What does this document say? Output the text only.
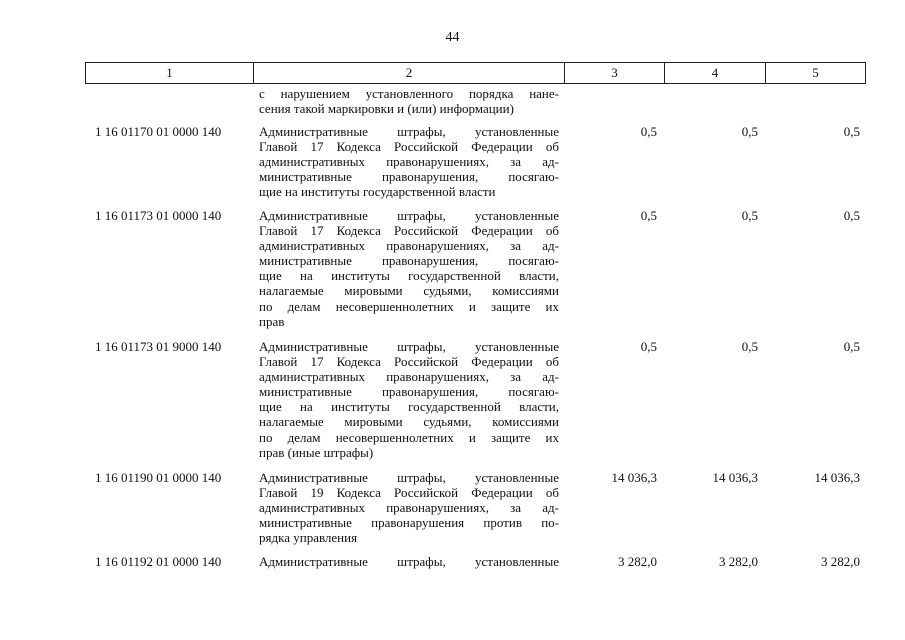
44
1	2	3	4	5
с нарушением установленного порядка нане-
сения такой маркировки и (или) информации)
1 16 01170 01 0000 140	Административные штрафы, установленные
Главой 17 Кодекса Российской Федерации об
административных правонарушениях, за ад-
министративные правонарушения, посягаю-
щие на институты государственной власти
0,5	0,5	0,5
1 16 01173 01 0000 140	Административные штрафы, установленные
Главой 17 Кодекса Российской Федерации об
административных правонарушениях, за ад-
министративные правонарушения, посягаю-
щие на институты государственной власти,
налагаемые мировыми судьями, комиссиями
по делам несовершеннолетних и защите их
прав
0,5	0,5	0,5
1 16 01173 01 9000 140	Административные штрафы, установленные
Главой 17 Кодекса Российской Федерации об
административных правонарушениях, за ад-
министративные правонарушения, посягаю-
щие на институты государственной власти,
налагаемые мировыми судьями, комиссиями
по делам несовершеннолетних и защите их
прав (иные штрафы)
0,5	0,5	0,5
1 16 01190 01 0000 140	Административные штрафы, установленные
Главой 19 Кодекса Российской Федерации об
административных правонарушениях, за ад-
министративные правонарушения против по-
рядка управления
14 036,3	14 036,3	14 036,3
1 16 01192 01 0000 140	Административные штрафы, установленные	3 282,0	3 282,0	3 282,0
